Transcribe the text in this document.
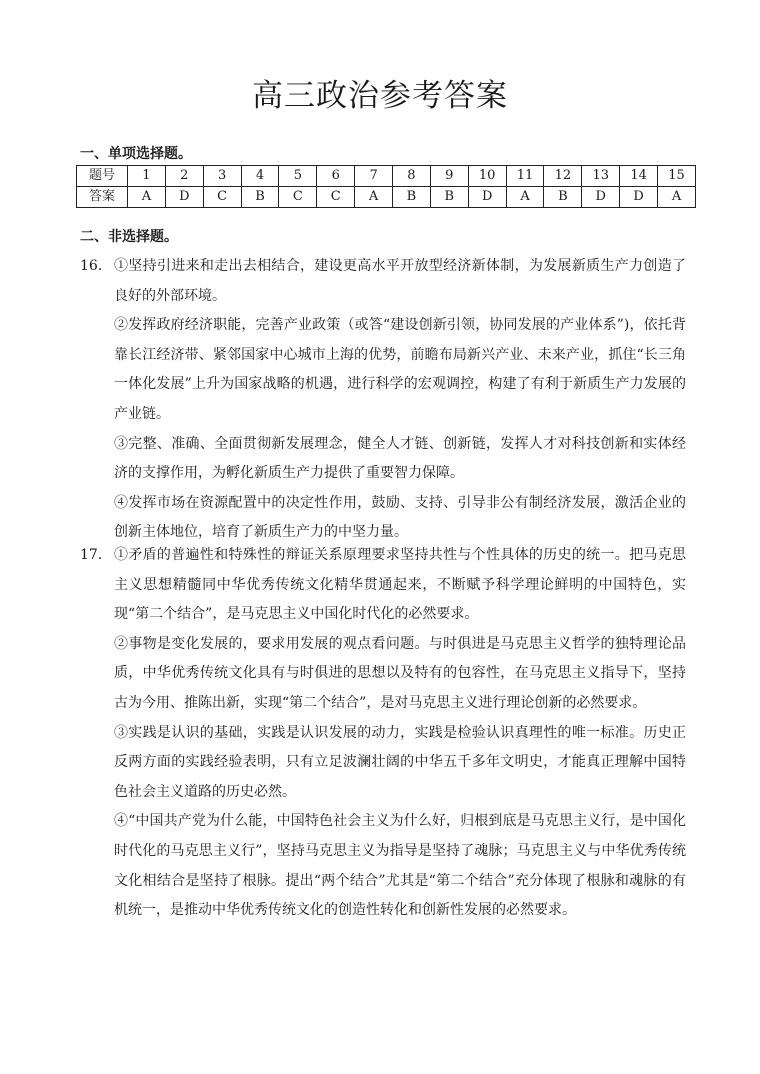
高三政治参考答案
一、单项选择题。
题号	1	2	3	4	5	6	7	8	9	10	11	12	13	14	15
答案	A	D	C	B	C	C	A	B	B	D	A	B	D	D	A
二、非选择题。
16． ①坚持引进来和走出去相结合，建设更高水平开放型经济新体制，为发展新质生产力创造了良好的外部环境。

②发挥政府经济职能，完善产业政策（或答“建设创新引领，协同发展的产业体系”)，依托背靠长江经济带、紧邻国家中心城市上海的优势，前瞻布局新兴产业、未来产业，抓住“长三角一体化发展”上升为国家战略的机遇，进行科学的宏观调控，构建了有利于新质生产力发展的产业链。

③完整、准确、全面贯彻新发展理念，健全人才链、创新链，发挥人才对科技创新和实体经济的支撑作用，为孵化新质生产力提供了重要智力保障。

④发挥市场在资源配置中的决定性作用，鼓励、支持、引导非公有制经济发展，激活企业的创新主体地位，培育了新质生产力的中坚力量。

17． ①矛盾的普遍性和特殊性的辩证关系原理要求坚持共性与个性具体的历史的统一。把马克思主义思想精髓同中华优秀传统文化精华贯通起来，不断赋予科学理论鲜明的中国特色，实现“第二个结合”，是马克思主义中国化时代化的必然要求。

②事物是变化发展的，要求用发展的观点看问题。与时俱进是马克思主义哲学的独特理论品质，中华优秀传统文化具有与时俱进的思想以及特有的包容性，在马克思主义指导下，坚持古为今用、推陈出新，实现“第二个结合”，是对马克思主义进行理论创新的必然要求。

③实践是认识的基础，实践是认识发展的动力，实践是检验认识真理性的唯一标准。历史正反两方面的实践经验表明，只有立足波澜壮阔的中华五千多年文明史，才能真正理解中国特色社会主义道路的历史必然。

④“中国共产党为什么能，中国特色社会主义为什么好，归根到底是马克思主义行，是中国化时代化的马克思主义行”，坚持马克思主义为指导是坚持了魂脉；马克思主义与中华优秀传统文化相结合是坚持了根脉。提出“两个结合”尤其是“第二个结合”充分体现了根脉和魂脉的有机统一，是推动中华优秀传统文化的创造性转化和创新性发展的必然要求。
